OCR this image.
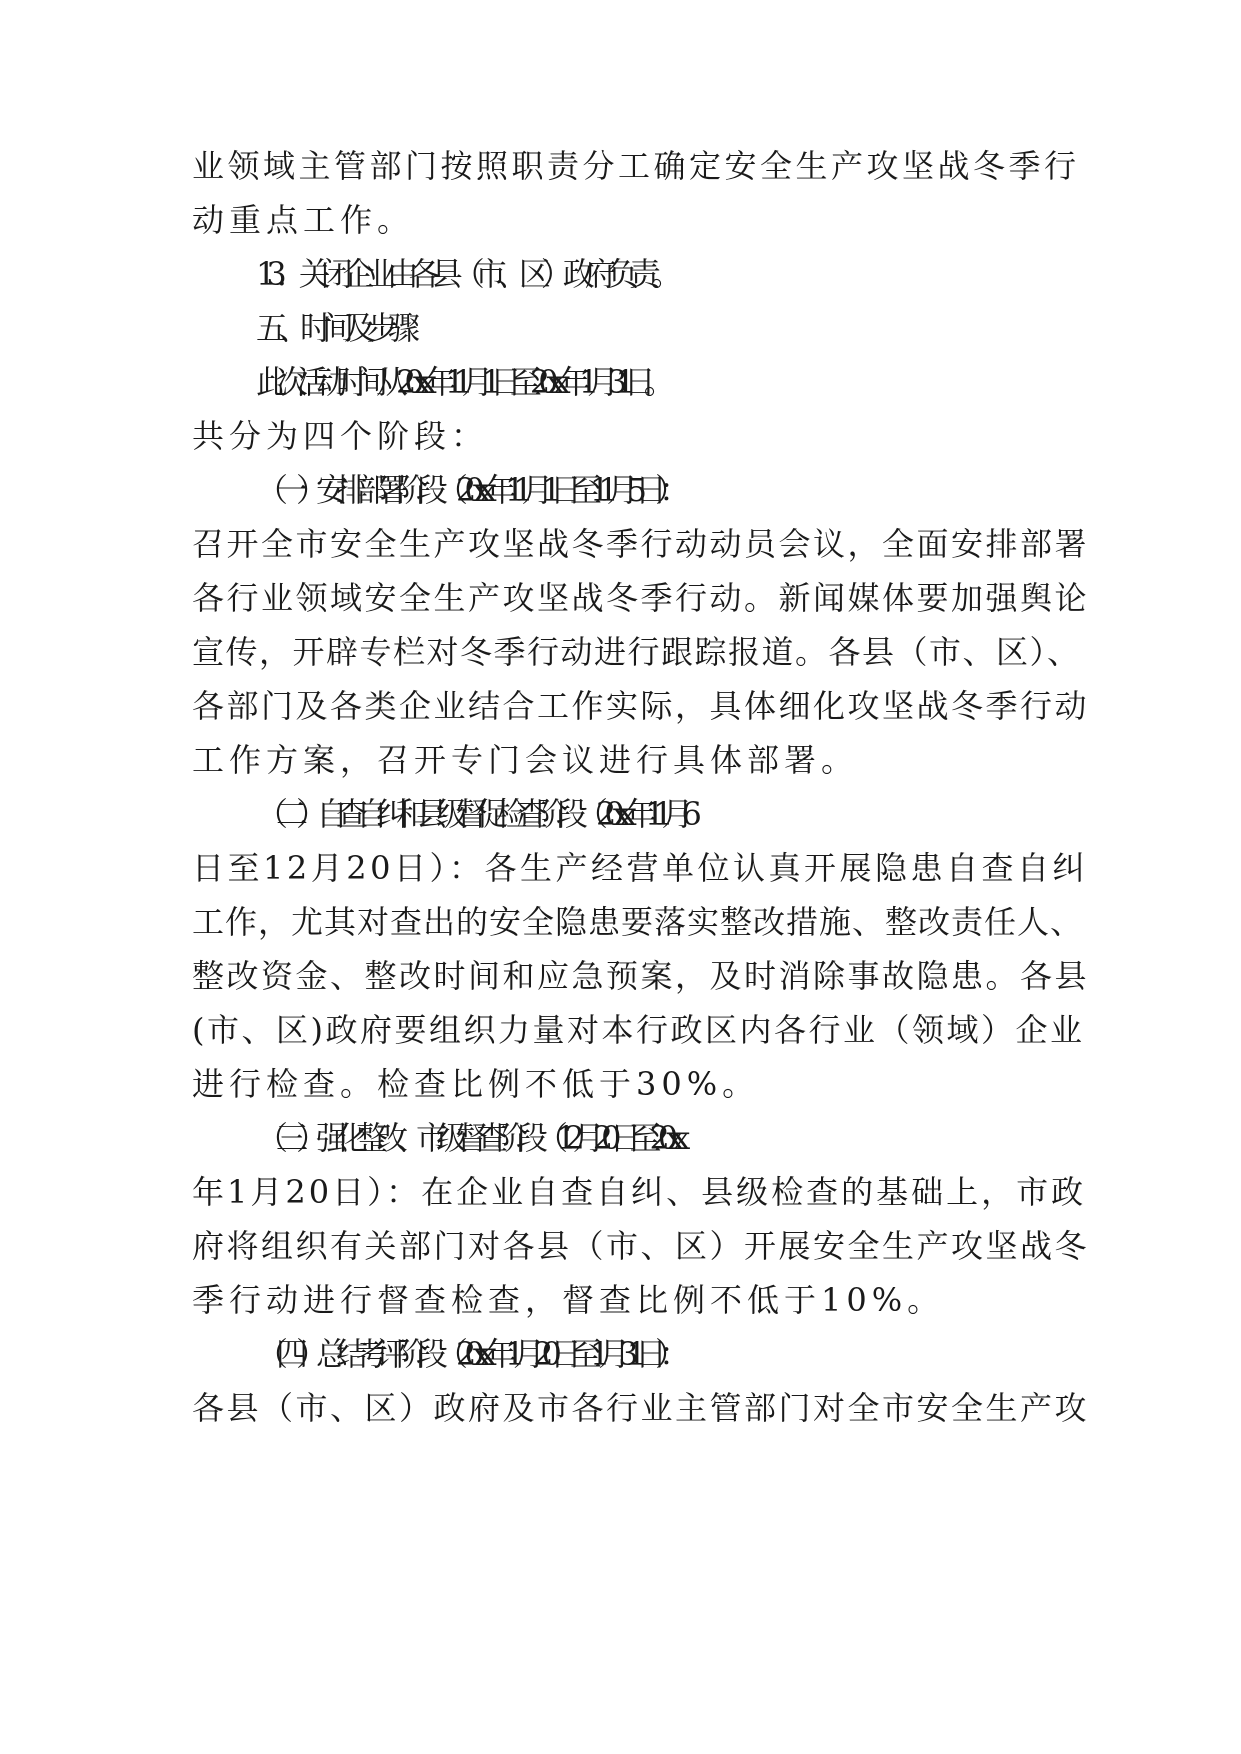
业领域主管部门按照职责分工确定安全生产攻坚战冬季行
动重点工作。
13．关闭企业由各县（市、区）政府负责。
五、时间及步骤
此次活动时间从20xx年11月1日至20xx年1月31日。
共分为四个阶段：
（一）安排部署阶段（20xx年11月1日至11月5日）：
召开全市安全生产攻坚战冬季行动动员会议，全面安排部署
各行业领域安全生产攻坚战冬季行动。新闻媒体要加强舆论
宣传，开辟专栏对冬季行动进行跟踪报道。各县（市、区）、
各部门及各类企业结合工作实际，具体细化攻坚战冬季行动
工作方案，召开专门会议进行具体部署。
（二）自查自纠和县级督促检查阶段（20xx年11月6
日至12月20日）：各生产经营单位认真开展隐患自查自纠
工作，尤其对查出的安全隐患要落实整改措施、整改责任人、
整改资金、整改时间和应急预案，及时消除事故隐患。各县
(市、区)政府要组织力量对本行政区内各行业（领域）企业
进行检查。检查比例不低于30%。
（三）强化整改、市级督查阶段（12月20日至20xx
年1月20日）：在企业自查自纠、县级检查的基础上，市政
府将组织有关部门对各县（市、区）开展安全生产攻坚战冬
季行动进行督查检查，督查比例不低于10%。
（四）总结考评阶段（20xx年1月20日至1月31日）：
各县（市、区）政府及市各行业主管部门对全市安全生产攻
